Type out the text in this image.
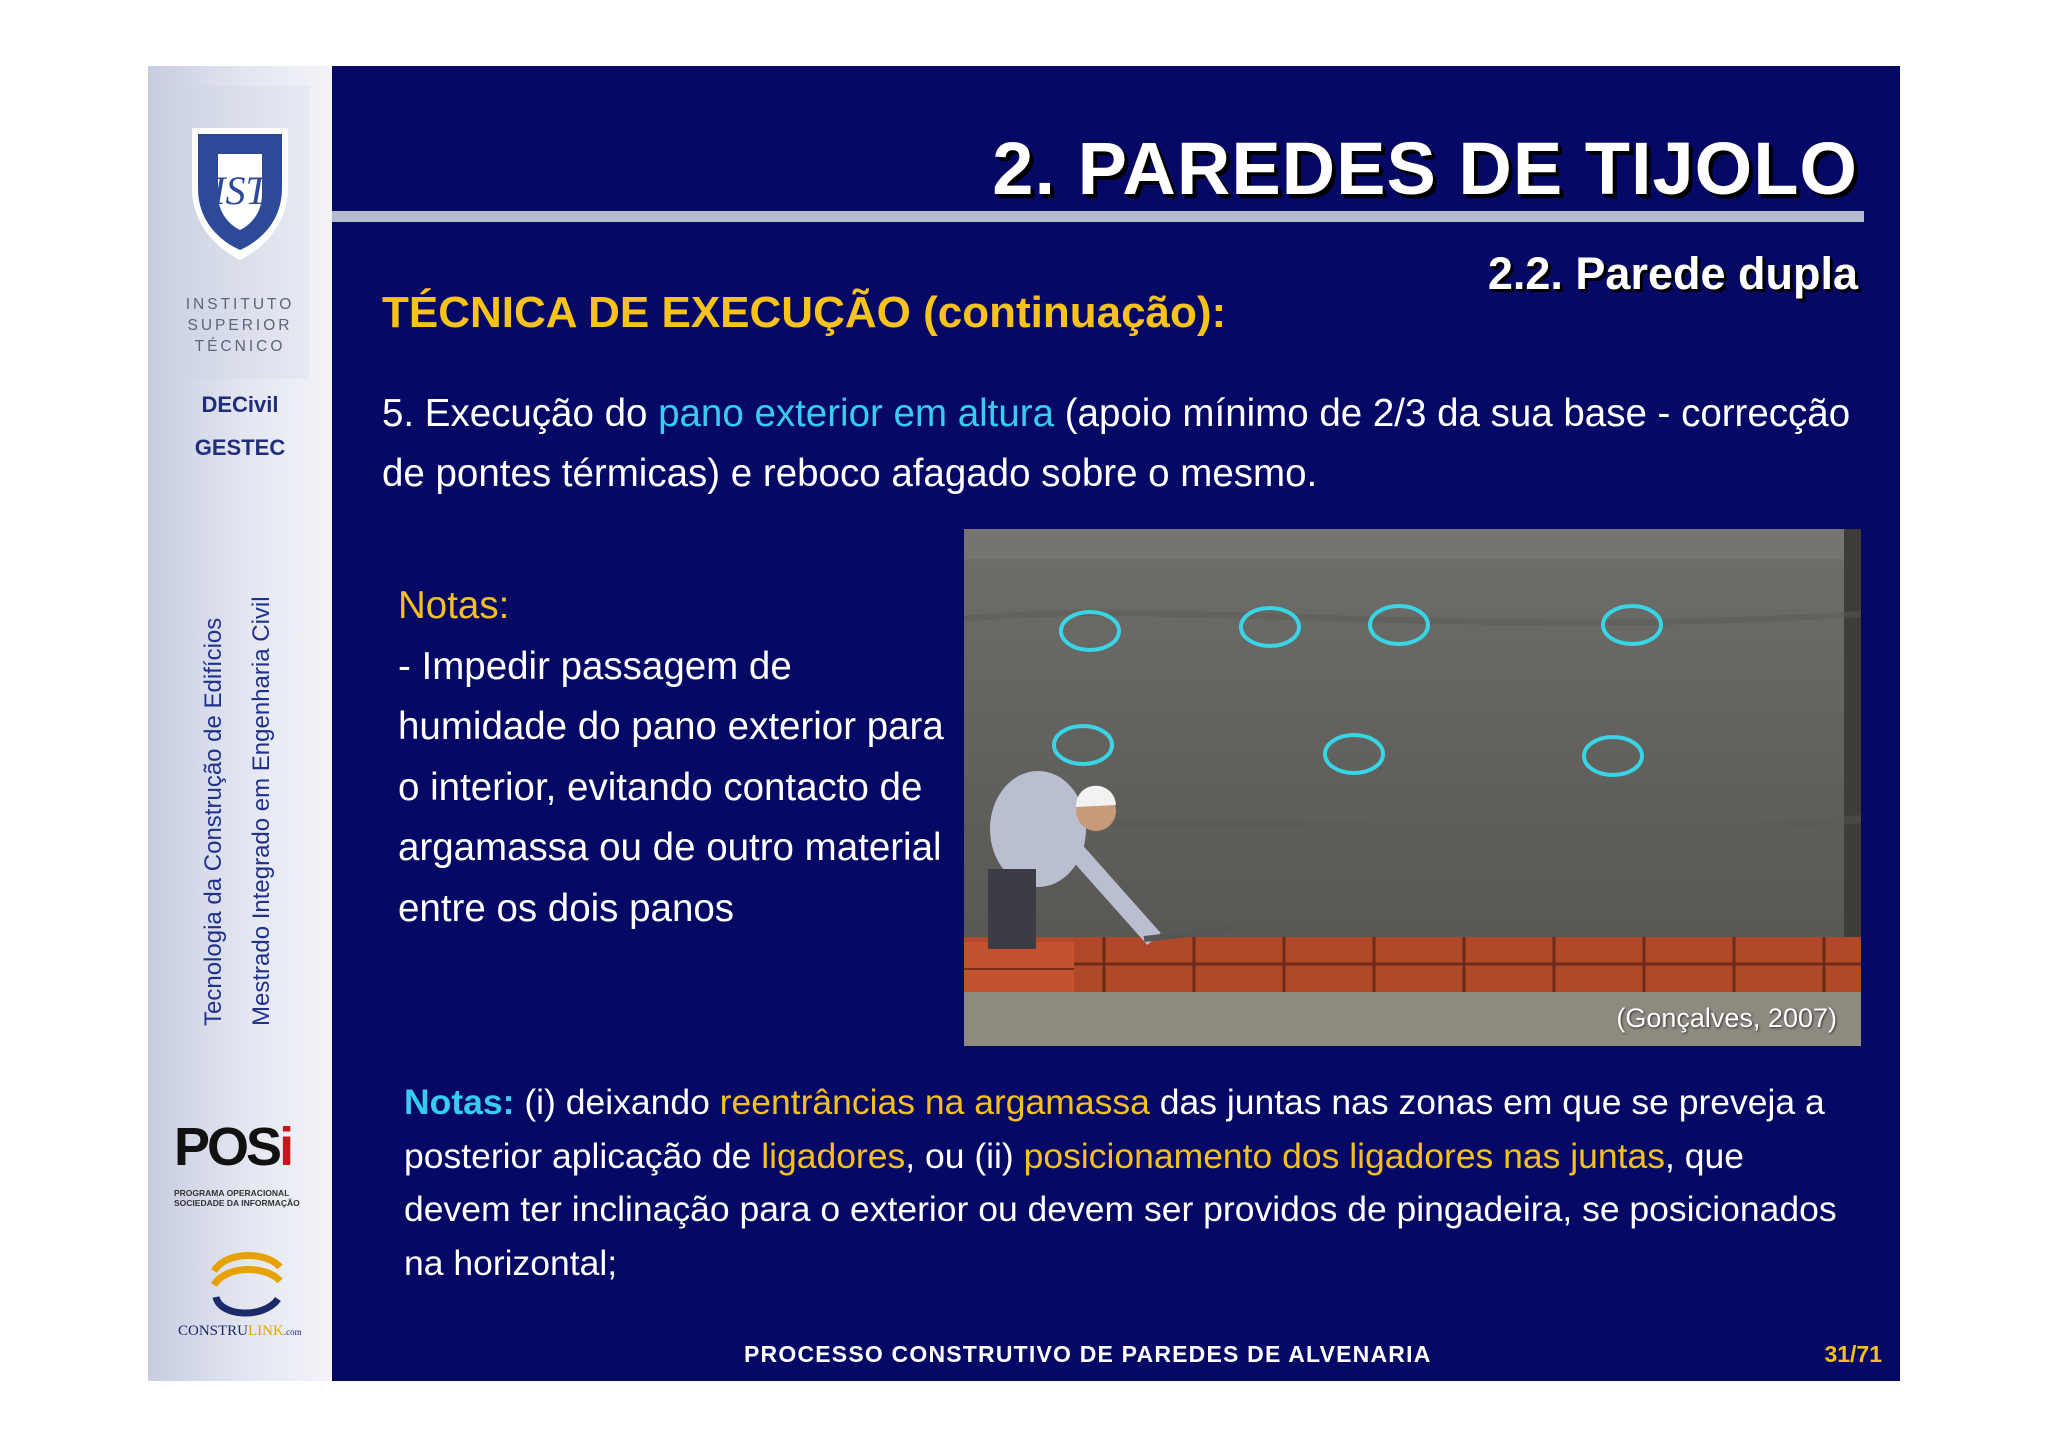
IST
INSTITUTO
SUPERIOR
TÉCNICO
DECivil
GESTEC
Tecnologia da Construção de Edifícios Mestrado Integrado em Engenharia Civil
POSi
PROGRAMA OPERACIONAL
SOCIEDADE DA INFORMAÇÃO
CONSTRULINK.com
2. PAREDES DE TIJOLO
2.2. Parede dupla
TÉCNICA DE EXECUÇÃO (continuação):
5. Execução do pano exterior em altura (apoio mínimo de 2/3 da sua base - correcção de pontes térmicas) e reboco afagado sobre o mesmo.
Notas:
- Impedir passagem de humidade do pano exterior para o interior, evitando contacto de argamassa ou de outro material entre os dois panos
(Gonçalves, 2007)
Notas: (i) deixando reentrâncias na argamassa das juntas nas zonas em que se preveja a posterior aplicação de ligadores, ou (ii) posicionamento dos ligadores nas juntas, que devem ter inclinação para o exterior ou devem ser providos de pingadeira, se posicionados na horizontal;
PROCESSO CONSTRUTIVO DE PAREDES DE ALVENARIA	31/71
